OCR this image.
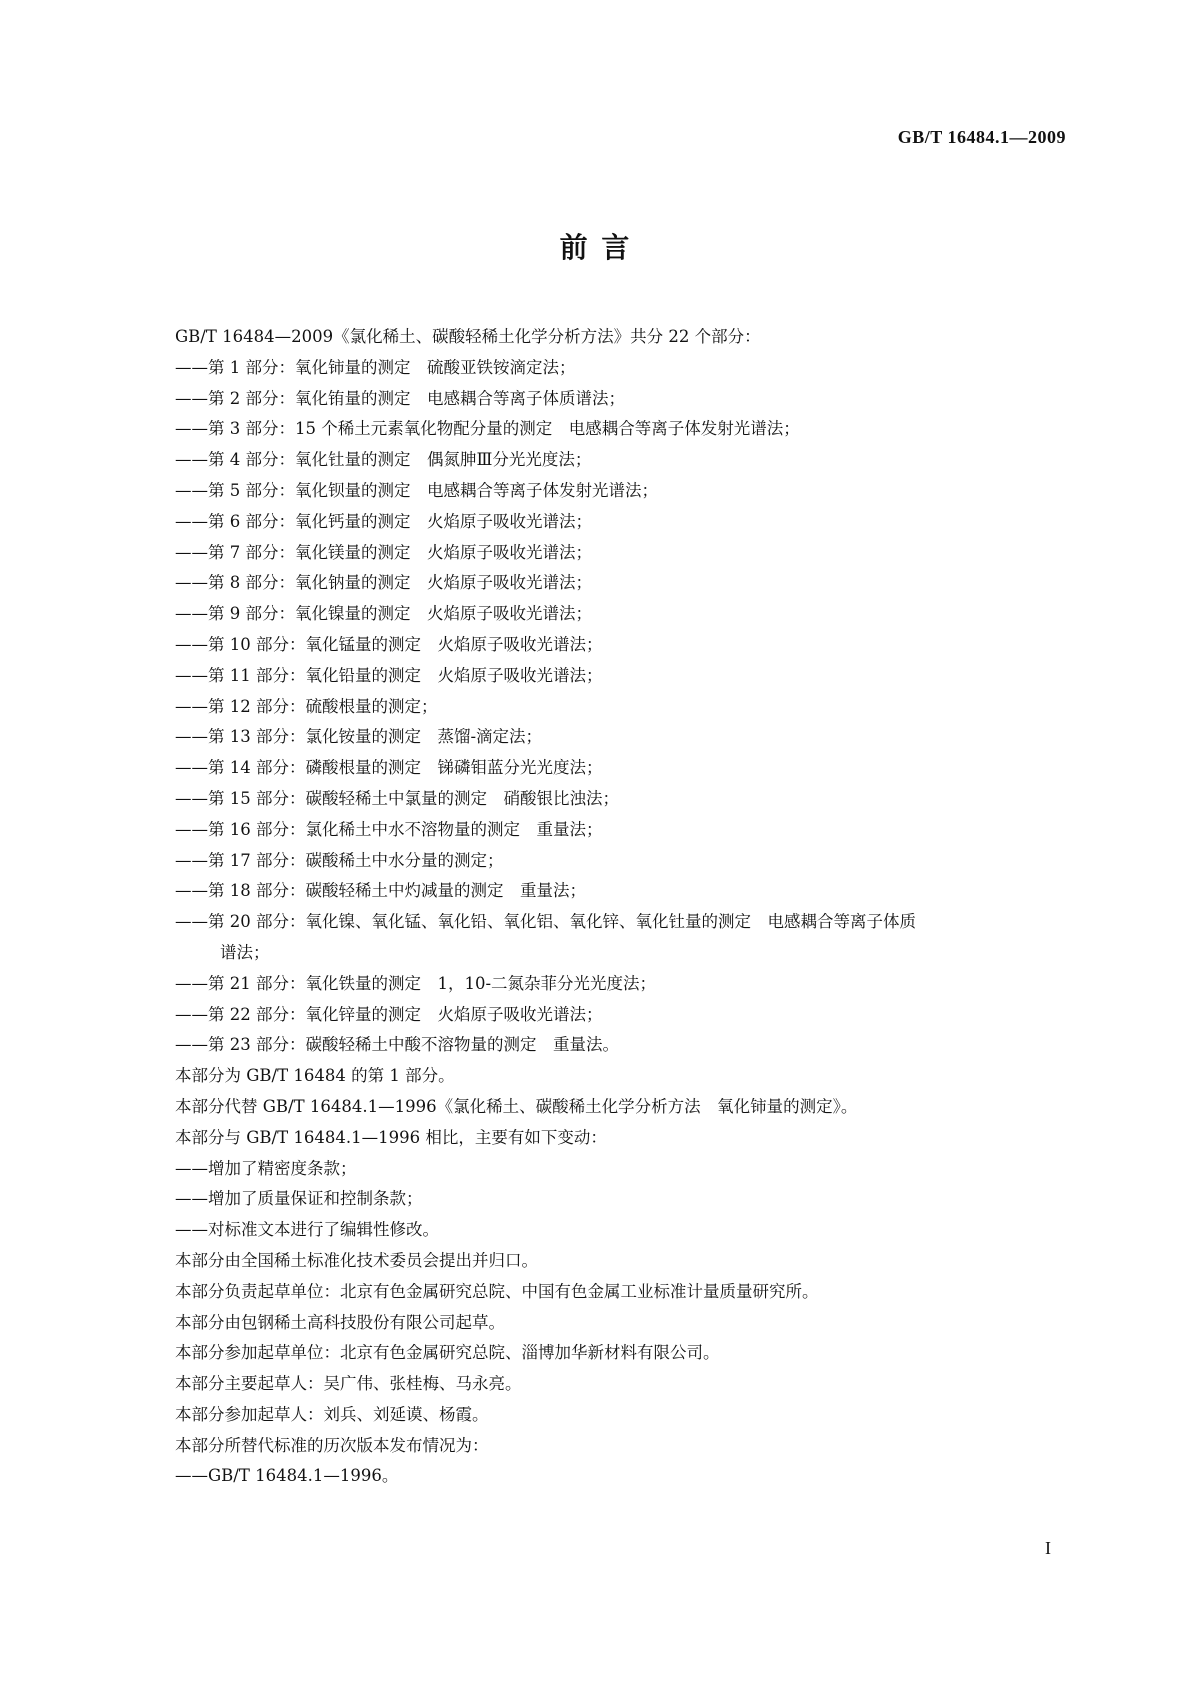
GB/T 16484.1—2009
前 言
GB/T 16484—2009《氯化稀土、碳酸轻稀土化学分析方法》共分 22 个部分：
——第 1 部分：氧化铈量的测定　硫酸亚铁铵滴定法；
——第 2 部分：氧化铕量的测定　电感耦合等离子体质谱法；
——第 3 部分：15 个稀土元素氧化物配分量的测定　电感耦合等离子体发射光谱法；
——第 4 部分：氧化钍量的测定　偶氮胂Ⅲ分光光度法；
——第 5 部分：氧化钡量的测定　电感耦合等离子体发射光谱法；
——第 6 部分：氧化钙量的测定　火焰原子吸收光谱法；
——第 7 部分：氧化镁量的测定　火焰原子吸收光谱法；
——第 8 部分：氧化钠量的测定　火焰原子吸收光谱法；
——第 9 部分：氧化镍量的测定　火焰原子吸收光谱法；
——第 10 部分：氧化锰量的测定　火焰原子吸收光谱法；
——第 11 部分：氧化铅量的测定　火焰原子吸收光谱法；
——第 12 部分：硫酸根量的测定；
——第 13 部分：氯化铵量的测定　蒸馏-滴定法；
——第 14 部分：磷酸根量的测定　锑磷钼蓝分光光度法；
——第 15 部分：碳酸轻稀土中氯量的测定　硝酸银比浊法；
——第 16 部分：氯化稀土中水不溶物量的测定　重量法；
——第 17 部分：碳酸稀土中水分量的测定；
——第 18 部分：碳酸轻稀土中灼减量的测定　重量法；
——第 20 部分：氧化镍、氧化锰、氧化铅、氧化铝、氧化锌、氧化钍量的测定　电感耦合等离子体质
谱法；
——第 21 部分：氧化铁量的测定　1，10-二氮杂菲分光光度法；
——第 22 部分：氧化锌量的测定　火焰原子吸收光谱法；
——第 23 部分：碳酸轻稀土中酸不溶物量的测定　重量法。
本部分为 GB/T 16484 的第 1 部分。
本部分代替 GB/T 16484.1—1996《氯化稀土、碳酸稀土化学分析方法　氧化铈量的测定》。
本部分与 GB/T 16484.1—1996 相比，主要有如下变动：
——增加了精密度条款；
——增加了质量保证和控制条款；
——对标准文本进行了编辑性修改。
本部分由全国稀土标准化技术委员会提出并归口。
本部分负责起草单位：北京有色金属研究总院、中国有色金属工业标准计量质量研究所。
本部分由包钢稀土高科技股份有限公司起草。
本部分参加起草单位：北京有色金属研究总院、淄博加华新材料有限公司。
本部分主要起草人：吴广伟、张桂梅、马永亮。
本部分参加起草人：刘兵、刘延谟、杨霞。
本部分所替代标准的历次版本发布情况为：
——GB/T 16484.1—1996。
I
